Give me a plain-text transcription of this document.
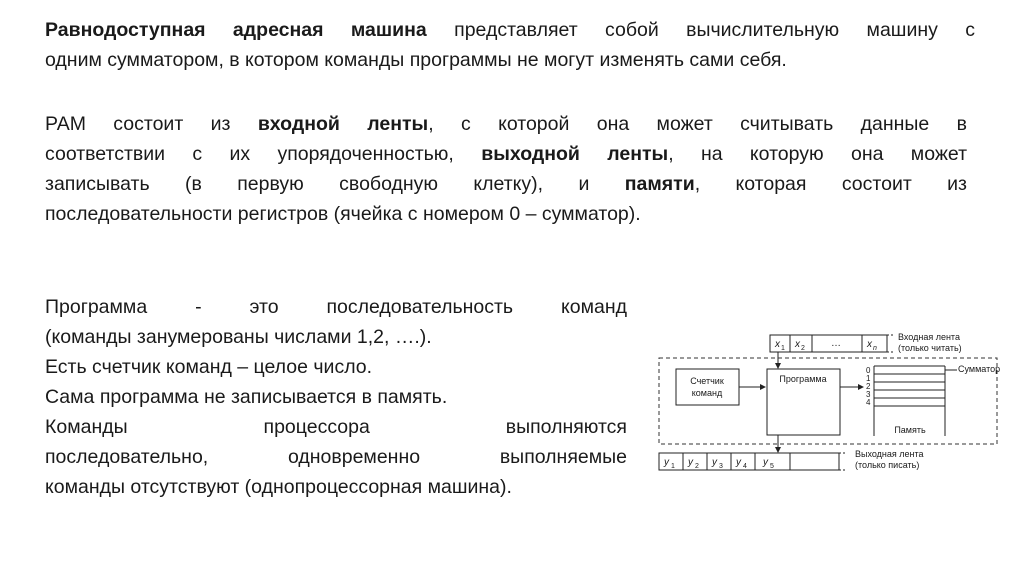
Равнодоступная адресная машина представляет собой вычислительную машину с
одним сумматором, в котором команды программы не могут изменять сами себя.

РАМ состоит из входной ленты, с которой она может считывать данные в
соответствии с их упорядоченностью, выходной ленты, на которую она может
записывать (в первую свободную клетку), и памяти, которая состоит из
последовательности регистров (ячейка с номером 0 – сумматор).

Программа - это последовательность команд
(команды занумерованы числами 1,2, ….).
Есть счетчик команд – целое число.
Сама программа не записывается в память.
Команды процессора выполняются
последовательно, одновременно выполняемые
команды отсутствуют (однопроцессорная машина).

x 1 x 2	…	x n
Входная лента
(только читать)
Счетчик
команд
Программа
0
1
2
3
4
Сумматор
Память
y 1 y 2 y 3 y 4 y 5
Выходная лента
(только писать)
